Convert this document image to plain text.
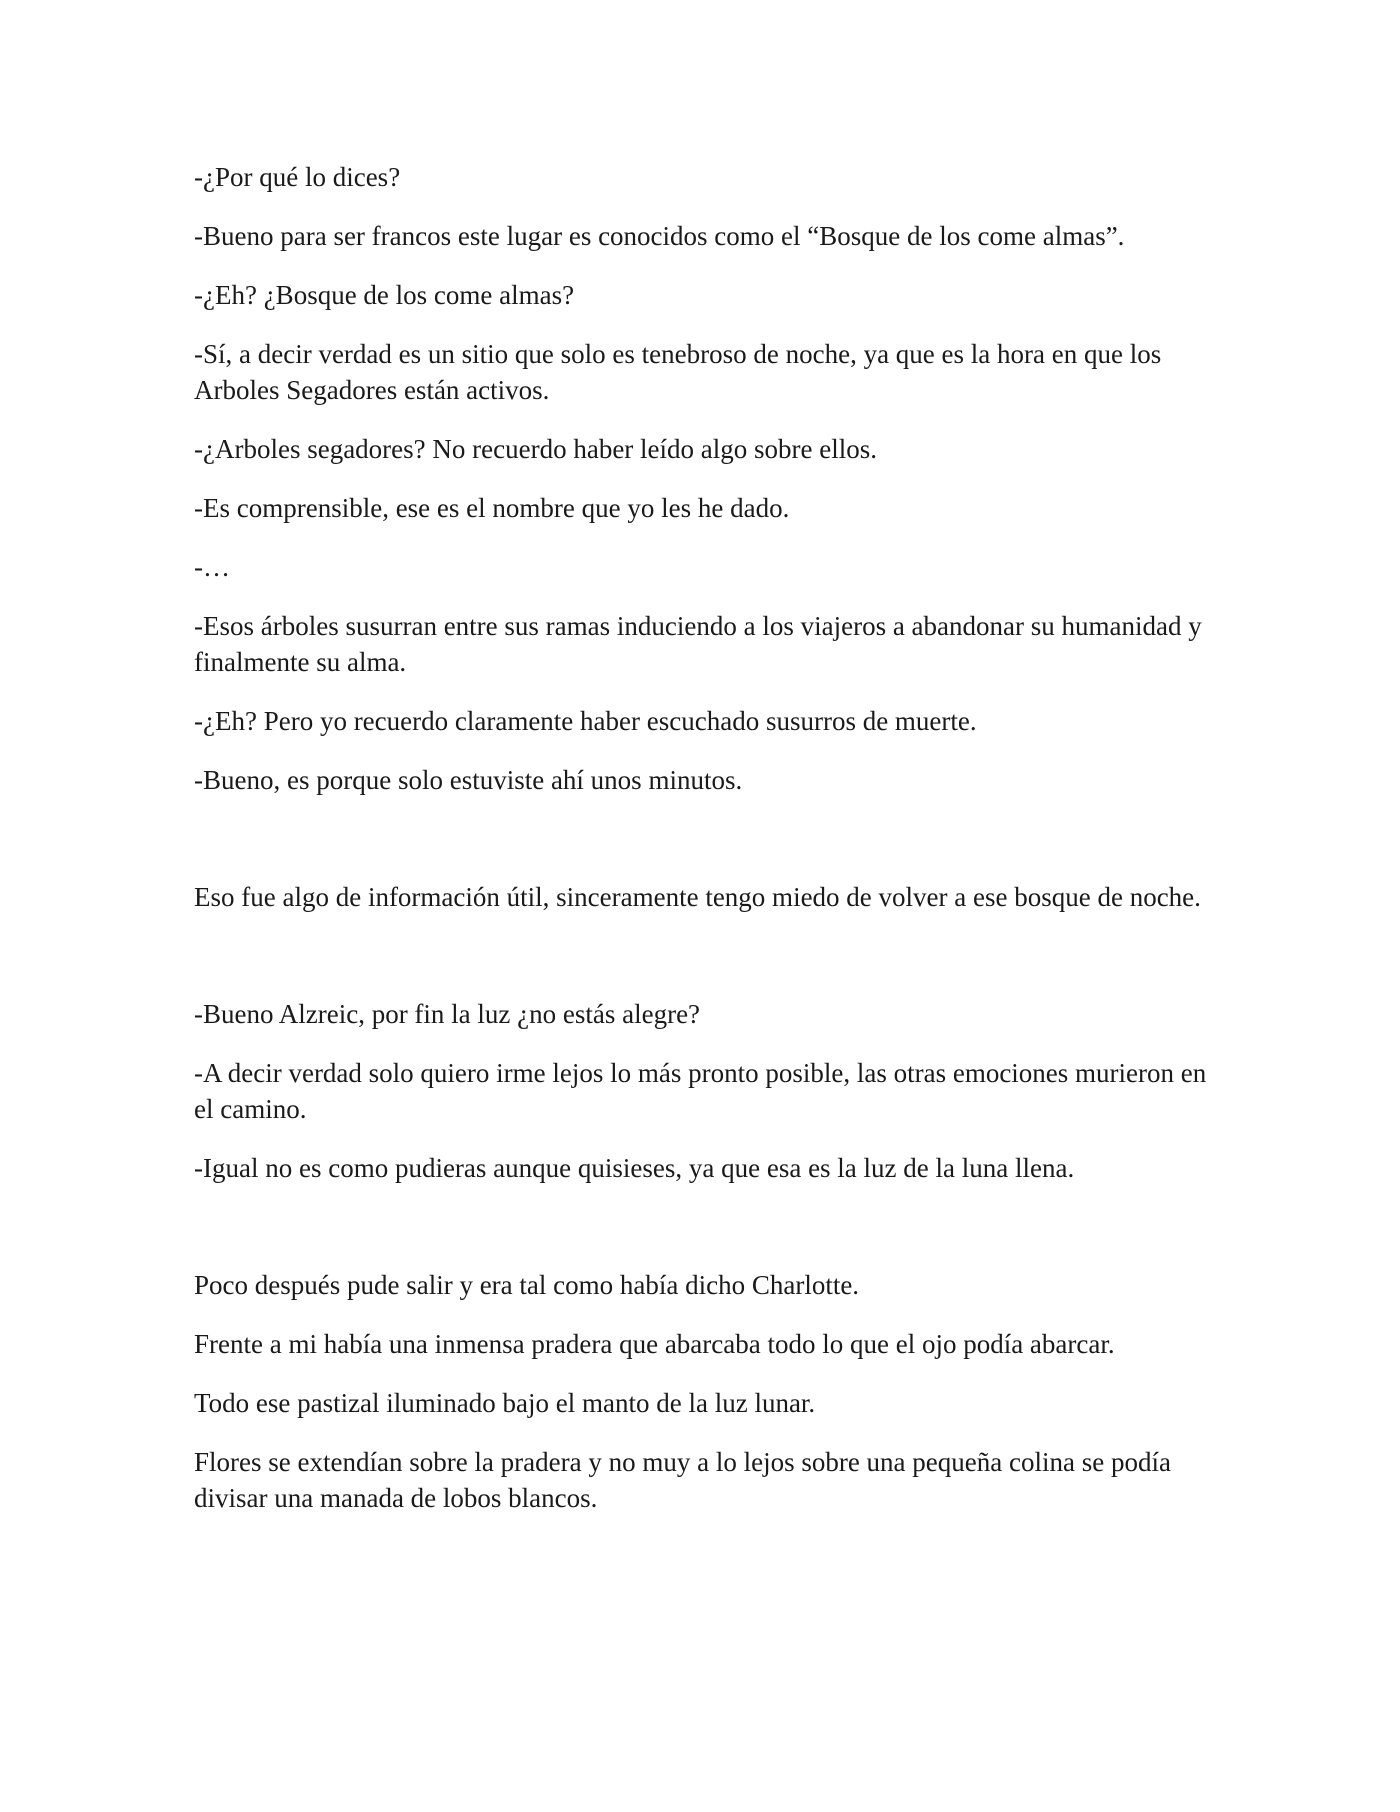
-¿Por qué lo dices?

-Bueno para ser francos este lugar es conocidos como el “Bosque de los come almas”.

-¿Eh? ¿Bosque de los come almas?

-Sí, a decir verdad es un sitio que solo es tenebroso de noche, ya que es la hora en que los Arboles Segadores están activos.

-¿Arboles segadores? No recuerdo haber leído algo sobre ellos.

-Es comprensible, ese es el nombre que yo les he dado.

-…

-Esos árboles susurran entre sus ramas induciendo a los viajeros a abandonar su humanidad y finalmente su alma.

-¿Eh? Pero yo recuerdo claramente haber escuchado susurros de muerte.

-Bueno, es porque solo estuviste ahí unos minutos.

Eso fue algo de información útil, sinceramente tengo miedo de volver a ese bosque de noche.

-Bueno Alzreic, por fin la luz ¿no estás alegre?

-A decir verdad solo quiero irme lejos lo más pronto posible, las otras emociones murieron en el camino.

-Igual no es como pudieras aunque quisieses, ya que esa es la luz de la luna llena.

Poco después pude salir y era tal como había dicho Charlotte.

Frente a mi había una inmensa pradera que abarcaba todo lo que el ojo podía abarcar.

Todo ese pastizal iluminado bajo el manto de la luz lunar.

Flores se extendían sobre la pradera y no muy a lo lejos sobre una pequeña colina se podía divisar una manada de lobos blancos.
